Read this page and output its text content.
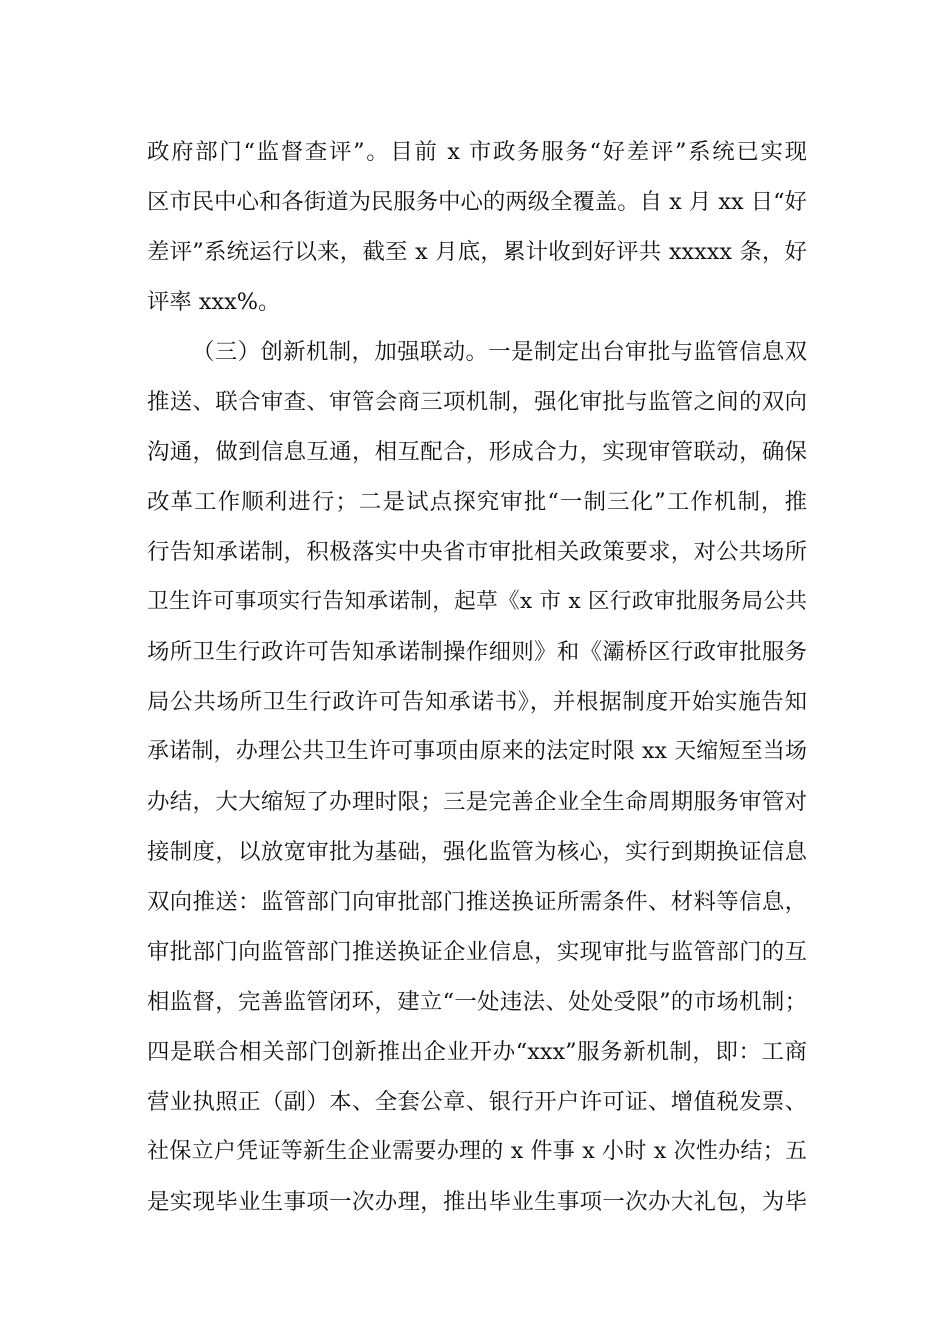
政府部门“监督查评”。目前 x 市政务服务“好差评”系统已实现
区市民中心和各街道为民服务中心的两级全覆盖。自 x 月 xx 日“好
差评”系统运行以来，截至 x 月底，累计收到好评共 xxxxx 条，好
评率 xxx%。
（三）创新机制，加强联动。一是制定出台审批与监管信息双
推送、联合审查、审管会商三项机制，强化审批与监管之间的双向
沟通，做到信息互通，相互配合，形成合力，实现审管联动，确保
改革工作顺利进行；二是试点探究审批“一制三化”工作机制，推
行告知承诺制，积极落实中央省市审批相关政策要求，对公共场所
卫生许可事项实行告知承诺制，起草《x 市 x 区行政审批服务局公共
场所卫生行政许可告知承诺制操作细则》和《灞桥区行政审批服务
局公共场所卫生行政许可告知承诺书》，并根据制度开始实施告知
承诺制，办理公共卫生许可事项由原来的法定时限 xx 天缩短至当场
办结，大大缩短了办理时限；三是完善企业全生命周期服务审管对
接制度，以放宽审批为基础，强化监管为核心，实行到期换证信息
双向推送：监管部门向审批部门推送换证所需条件、材料等信息，
审批部门向监管部门推送换证企业信息，实现审批与监管部门的互
相监督，完善监管闭环，建立“一处违法、处处受限”的市场机制；
四是联合相关部门创新推出企业开办“xxx”服务新机制，即：工商
营业执照正（副）本、全套公章、银行开户许可证、增值税发票、
社保立户凭证等新生企业需要办理的 x 件事 x 小时 x 次性办结；五
是实现毕业生事项一次办理，推出毕业生事项一次办大礼包，为毕
